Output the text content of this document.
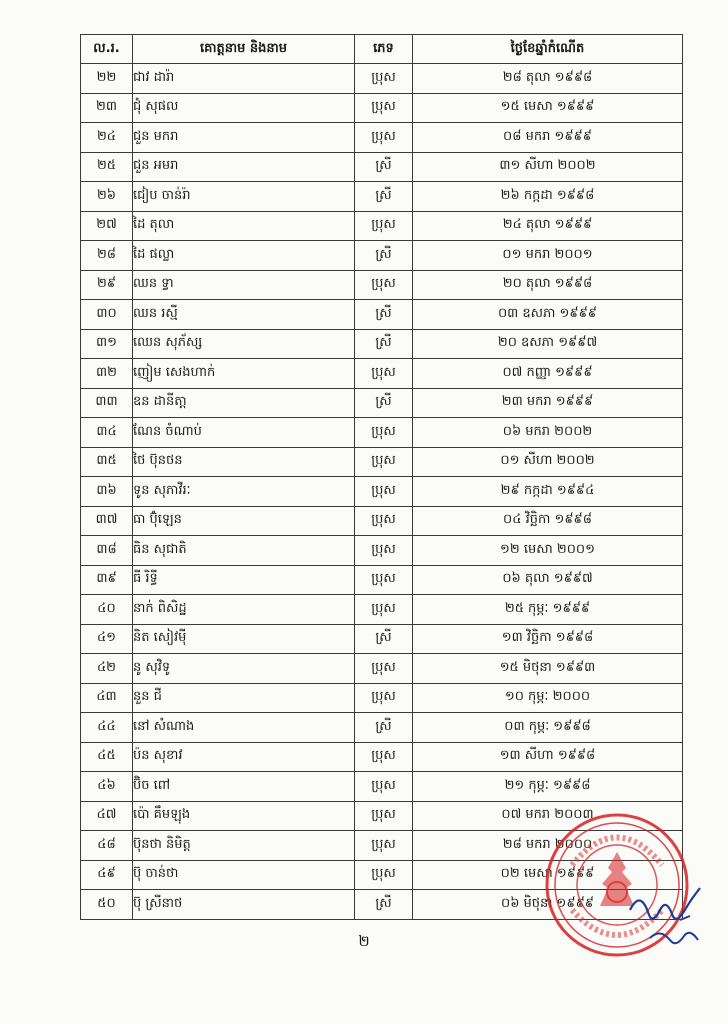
ល.រ.	គោត្តនាម និងនាម	ភេទ	ថ្ងៃខែឆ្នាំកំណើត
២២	ជាវ ដារ៉ា	ប្រុស	២៨ តុលា ១៩៩៨
២៣	ជុំ សុផល	ប្រុស	១៥ មេសា ១៩៩៩
២៤	ជួន មករា	ប្រុស	០៨ មករា ១៩៩៩
២៥	ជួន អមរា	ស្រី	៣១ សីហា ២០០២
២៦	ជៀប ចាន់រ៉ា	ស្រី	២៦ កក្កដា ១៩៩៨
២៧	ដៃ តុលា	ប្រុស	២៤ តុលា ១៩៩៩
២៨	ដៃ ផល្លា	ស្រី	០១ មករា ២០០១
២៩	ឈន ទ្វា	ប្រុស	២០ តុលា ១៩៩៨
៣០	ឈន រស្មី	ស្រី	០៣ ឧសភា ១៩៩៩
៣១	ឈេន សុភ័ស្ស	ស្រី	២០ ឧសភា ១៩៩៧
៣២	ញៀម សេងហាក់	ប្រុស	០៧ កញ្ញា ១៩៩៩
៣៣	ឧន ដានីតា្ត	ស្រី	២៣ មករា ១៩៩៩
៣៤	ណែន ចំណាប់	ប្រុស	០៦ មករា ២០០២
៣៥	ថៃ ប៊ុនថន	ប្រុស	០១ សីហា ២០០២
៣៦	ទូន សុភាវីរៈ	ប្រុស	២៩ កក្កដា ១៩៩៤
៣៧	ធា ប៊ុំឡេន	ប្រុស	០៤ វិច្ឆិកា ១៩៩៨
៣៨	ធិន សុជាតិ	ប្រុស	១២ មេសា ២០០១
៣៩	ធី រិទ្ធី	ប្រុស	០៦ តុលា ១៩៩៧
៤០	នាក់ ពិសិដ្ឋ	ប្រុស	២៥ កុម្ភៈ ១៩៩៩
៤១	និត សៀវម៉ី	ស្រី	១៣ វិច្ឆិកា ១៩៩៨
៤២	នូ សុវិទូ	ប្រុស	១៥ មិថុនា ១៩៩៣
៤៣	នួន ជី	ប្រុស	១០ កុម្ភៈ ២០០០
៤៤	នៅ សំណាង	ស្រី	០៣ កុម្ភៈ ១៩៩៨
៤៥	ប៉ន សុខាវ	ប្រុស	១៣ សីហា ១៩៩៨
៤៦	ប៊ិច ពៅ	ប្រុស	២១ កុម្ភៈ ១៩៩៨
៤៧	ប៉ោ គឹមឡុង	ប្រុស	០៧ មករា ២០០៣
៤៨	ប៊ុនថា និមិត្ត	ប្រុស	២៨ មករា ២០០០
៤៩	ប៊ុ ចាន់ថា	ប្រុស	០២ មេសា ១៩៩៩
៥០	ប៊ុ ស្រីនាថ	ស្រី	០៦ មិថុនា ១៩៩៩
២
